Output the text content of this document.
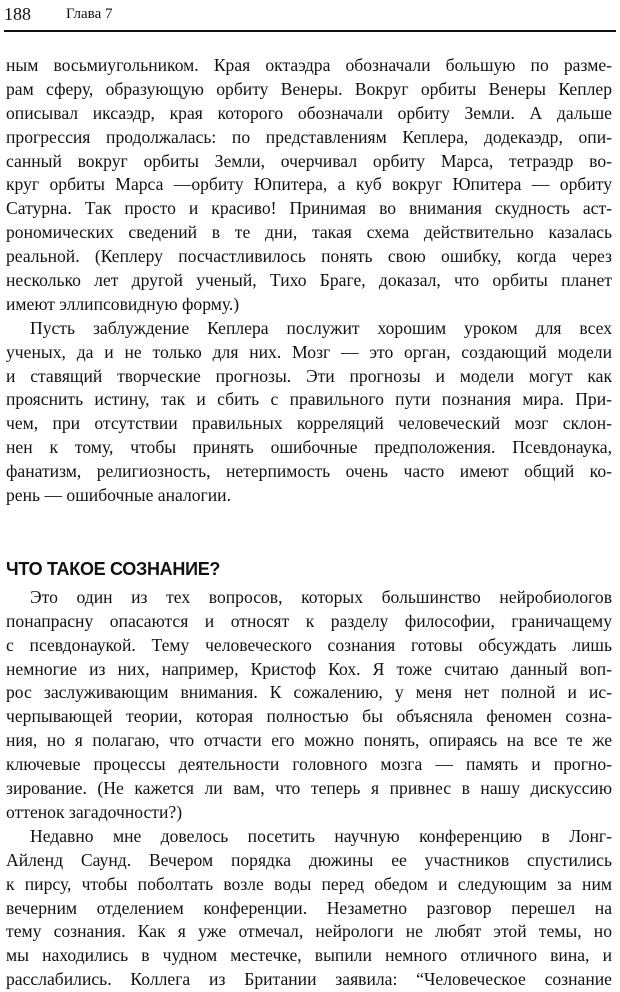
188 Глава 7
ным восьмиугольником. Края октаэдра обозначали большую по разме-
рам сферу, образующую орбиту Венеры. Вокруг орбиты Венеры Кеплер
описывал иксаэдр, края которого обозначали орбиту Земли. А дальше
прогрессия продолжалась: по представлениям Кеплера, додекаэдр, опи-
санный вокруг орбиты Земли, очерчивал орбиту Марса, тетраэдр во-
круг орбиты Марса —орбиту Юпитера, а куб вокруг Юпитера — орбиту
Сатурна. Так просто и красиво! Принимая во внимания скудность аст-
рономических сведений в те дни, такая схема действительно казалась
реальной. (Кеплеру посчастливилось понять свою ошибку, когда через
несколько лет другой ученый, Тихо Браге, доказал, что орбиты планет
имеют эллипсовидную форму.)
Пусть заблуждение Кеплера послужит хорошим уроком для всех
ученых, да и не только для них. Мозг — это орган, создающий модели
и ставящий творческие прогнозы. Эти прогнозы и модели могут как
прояснить истину, так и сбить с правильного пути познания мира. При-
чем, при отсутствии правильных корреляций человеческий мозг склон-
нен к тому, чтобы принять ошибочные предположения. Псевдонаука,
фанатизм, религиозность, нетерпимость очень часто имеют общий ко-
рень — ошибочные аналогии.
ЧТО ТАКОЕ СОЗНАНИЕ?
Это один из тех вопросов, которых большинство нейробиологов
понапрасну опасаются и относят к разделу философии, граничащему
с псевдонаукой. Тему человеческого сознания готовы обсуждать лишь
немногие из них, например, Кристоф Кох. Я тоже считаю данный воп-
рос заслуживающим внимания. К сожалению, у меня нет полной и ис-
черпывающей теории, которая полностью бы объясняла феномен созна-
ния, но я полагаю, что отчасти его можно понять, опираясь на все те же
ключевые процессы деятельности головного мозга — память и прогно-
зирование. (Не кажется ли вам, что теперь я привнес в нашу дискуссию
оттенок загадочности?)
Недавно мне довелось посетить научную конференцию в Лонг-
Айленд Саунд. Вечером порядка дюжины ее участников спустились
к пирсу, чтобы поболтать возле воды перед обедом и следующим за ним
вечерним отделением конференции. Незаметно разговор перешел на
тему сознания. Как я уже отмечал, нейрологи не любят этой темы, но
мы находились в чудном местечке, выпили немного отличного вина, и
расслабились. Коллега из Британии заявила: “Человеческое сознание
